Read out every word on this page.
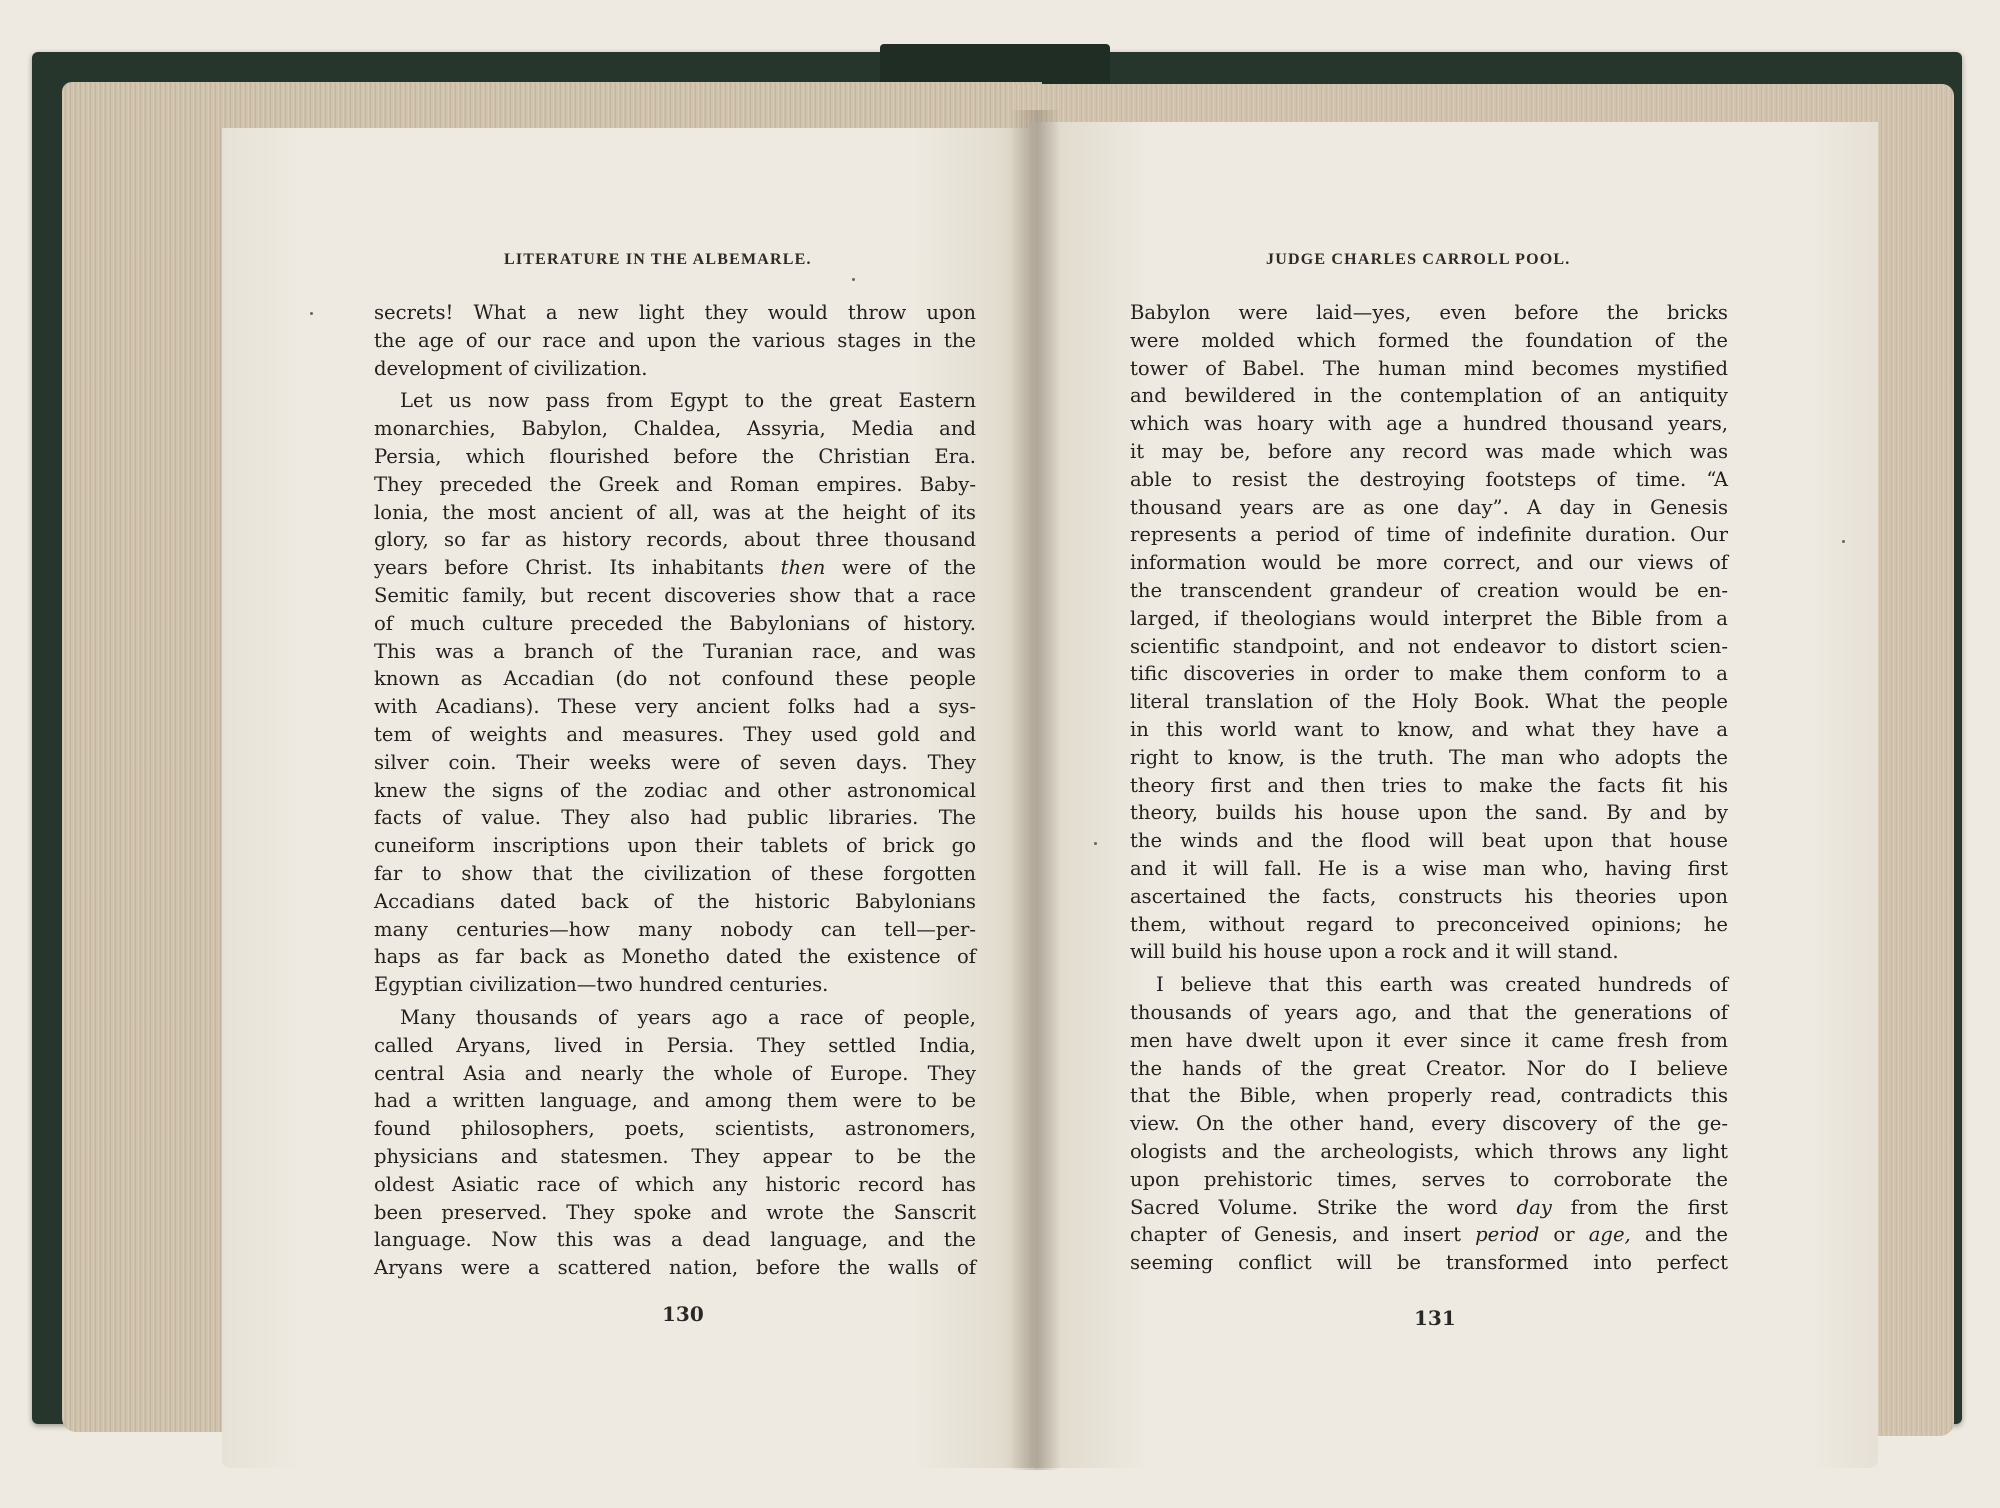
LITERATURE IN THE ALBEMARLE.	JUDGE CHARLES CARROLL POOL.
secrets! What a new light they would throw upon
the age of our race and upon the various stages in the
development of civilization.
Let us now pass from Egypt to the great Eastern
monarchies, Babylon, Chaldea, Assyria, Media and
Persia, which flourished before the Christian Era.
They preceded the Greek and Roman empires. Baby-
lonia, the most ancient of all, was at the height of its
glory, so far as history records, about three thousand
years before Christ. Its inhabitants then were of the
Semitic family, but recent discoveries show that a race
of much culture preceded the Babylonians of history.
This was a branch of the Turanian race, and was
known as Accadian (do not confound these people
with Acadians). These very ancient folks had a sys-
tem of weights and measures. They used gold and
silver coin. Their weeks were of seven days. They
knew the signs of the zodiac and other astronomical
facts of value. They also had public libraries. The
cuneiform inscriptions upon their tablets of brick go
far to show that the civilization of these forgotten
Accadians dated back of the historic Babylonians
many centuries—how many nobody can tell—per-
haps as far back as Monetho dated the existence of
Egyptian civilization—two hundred centuries.
Many thousands of years ago a race of people,
called Aryans, lived in Persia. They settled India,
central Asia and nearly the whole of Europe. They
had a written language, and among them were to be
found philosophers, poets, scientists, astronomers,
physicians and statesmen. They appear to be the
oldest Asiatic race of which any historic record has
been preserved. They spoke and wrote the Sanscrit
language. Now this was a dead language, and the
Aryans were a scattered nation, before the walls of
Babylon were laid—yes, even before the bricks
were molded which formed the foundation of the
tower of Babel. The human mind becomes mystified
and bewildered in the contemplation of an antiquity
which was hoary with age a hundred thousand years,
it may be, before any record was made which was
able to resist the destroying footsteps of time. “A
thousand years are as one day”. A day in Genesis
represents a period of time of indefinite duration. Our
information would be more correct, and our views of
the transcendent grandeur of creation would be en-
larged, if theologians would interpret the Bible from a
scientific standpoint, and not endeavor to distort scien-
tific discoveries in order to make them conform to a
literal translation of the Holy Book. What the people
in this world want to know, and what they have a
right to know, is the truth. The man who adopts the
theory first and then tries to make the facts fit his
theory, builds his house upon the sand. By and by
the winds and the flood will beat upon that house
and it will fall. He is a wise man who, having first
ascertained the facts, constructs his theories upon
them, without regard to preconceived opinions; he
will build his house upon a rock and it will stand.
I believe that this earth was created hundreds of
thousands of years ago, and that the generations of
men have dwelt upon it ever since it came fresh from
the hands of the great Creator. Nor do I believe
that the Bible, when properly read, contradicts this
view. On the other hand, every discovery of the ge-
ologists and the archeologists, which throws any light
upon prehistoric times, serves to corroborate the
Sacred Volume. Strike the word day from the first
chapter of Genesis, and insert period or age, and the
seeming conflict will be transformed into perfect
130	131
